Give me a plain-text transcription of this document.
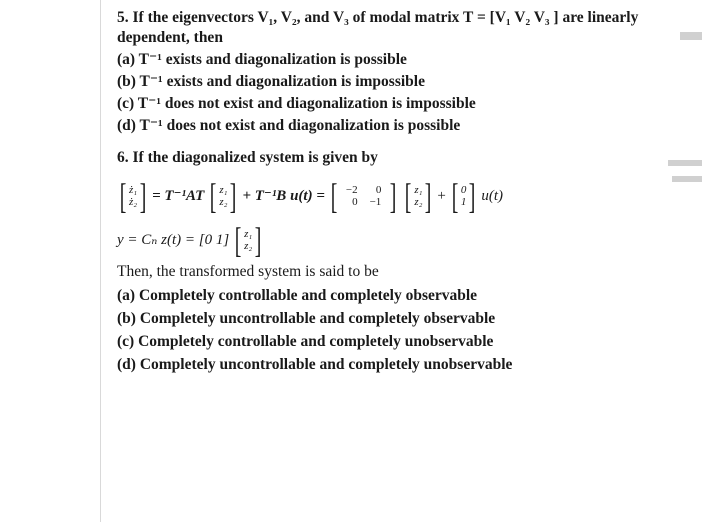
5. If the eigenvectors V₁, V₂, and V₃ of modal matrix T = [V₁ V₂ V₃ ] are linearly
dependent, then
(a) T⁻¹ exists and diagonalization is possible
(b) T⁻¹ exists and diagonalization is impossible
(c) T⁻¹ does not exist and diagonalization is impossible
(d) T⁻¹ does not exist and diagonalization is possible
6. If the diagonalized system is given by
[ ż₁
ż₂ ] = T⁻¹AT [ z₁
z₂ ] + T⁻¹B u(t) = [ −2
0
0
−1 ] [ z₁
z₂ ] + [ 0
1 ] u(t)
y = Cₙ z(t) = [0 1] [ z₁
z₂ ]
Then, the transformed system is said to be
(a) Completely controllable and completely observable
(b) Completely uncontrollable and completely observable
(c) Completely controllable and completely unobservable
(d) Completely uncontrollable and completely unobservable
